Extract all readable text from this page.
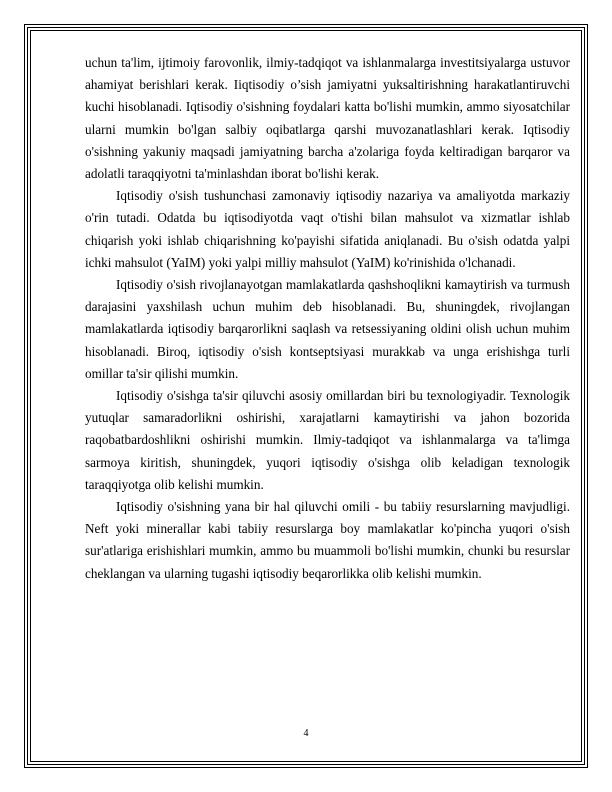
uchun ta'lim, ijtimoiy farovonlik, ilmiy-tadqiqot va ishlanmalarga investitsiyalarga ustuvor ahamiyat berishlari kerak. Iiqtisodiy o’sish jamiyatni yuksaltirishning harakatlantiruvchi kuchi hisoblanadi. Iqtisodiy o'sishning foydalari katta bo'lishi mumkin, ammo siyosatchilar ularni mumkin bo'lgan salbiy oqibatlarga qarshi muvozanatlashlari kerak. Iqtisodiy o'sishning yakuniy maqsadi jamiyatning barcha a'zolariga foyda keltiradigan barqaror va adolatli taraqqiyotni ta'minlashdan iborat bo'lishi kerak.

Iqtisodiy o'sish tushunchasi zamonaviy iqtisodiy nazariya va amaliyotda markaziy o'rin tutadi. Odatda bu iqtisodiyotda vaqt o'tishi bilan mahsulot va xizmatlar ishlab chiqarish yoki ishlab chiqarishning ko'payishi sifatida aniqlanadi. Bu o'sish odatda yalpi ichki mahsulot (YaIM) yoki yalpi milliy mahsulot (YaIM) ko'rinishida o'lchanadi.

Iqtisodiy o'sish rivojlanayotgan mamlakatlarda qashshoqlikni kamaytirish va turmush darajasini yaxshilash uchun muhim deb hisoblanadi. Bu, shuningdek, rivojlangan mamlakatlarda iqtisodiy barqarorlikni saqlash va retsessiyaning oldini olish uchun muhim hisoblanadi. Biroq, iqtisodiy o'sish kontseptsiyasi murakkab va unga erishishga turli omillar ta'sir qilishi mumkin.

Iqtisodiy o'sishga ta'sir qiluvchi asosiy omillardan biri bu texnologiyadir. Texnologik yutuqlar samaradorlikni oshirishi, xarajatlarni kamaytirishi va jahon bozorida raqobatbardoshlikni oshirishi mumkin. Ilmiy-tadqiqot va ishlanmalarga va ta'limga sarmoya kiritish, shuningdek, yuqori iqtisodiy o'sishga olib keladigan texnologik taraqqiyotga olib kelishi mumkin.

Iqtisodiy o'sishning yana bir hal qiluvchi omili - bu tabiiy resurslarning mavjudligi. Neft yoki minerallar kabi tabiiy resurslarga boy mamlakatlar ko'pincha yuqori o'sish sur'atlariga erishishlari mumkin, ammo bu muammoli bo'lishi mumkin, chunki bu resurslar cheklangan va ularning tugashi iqtisodiy beqarorlikka olib kelishi mumkin.

4
